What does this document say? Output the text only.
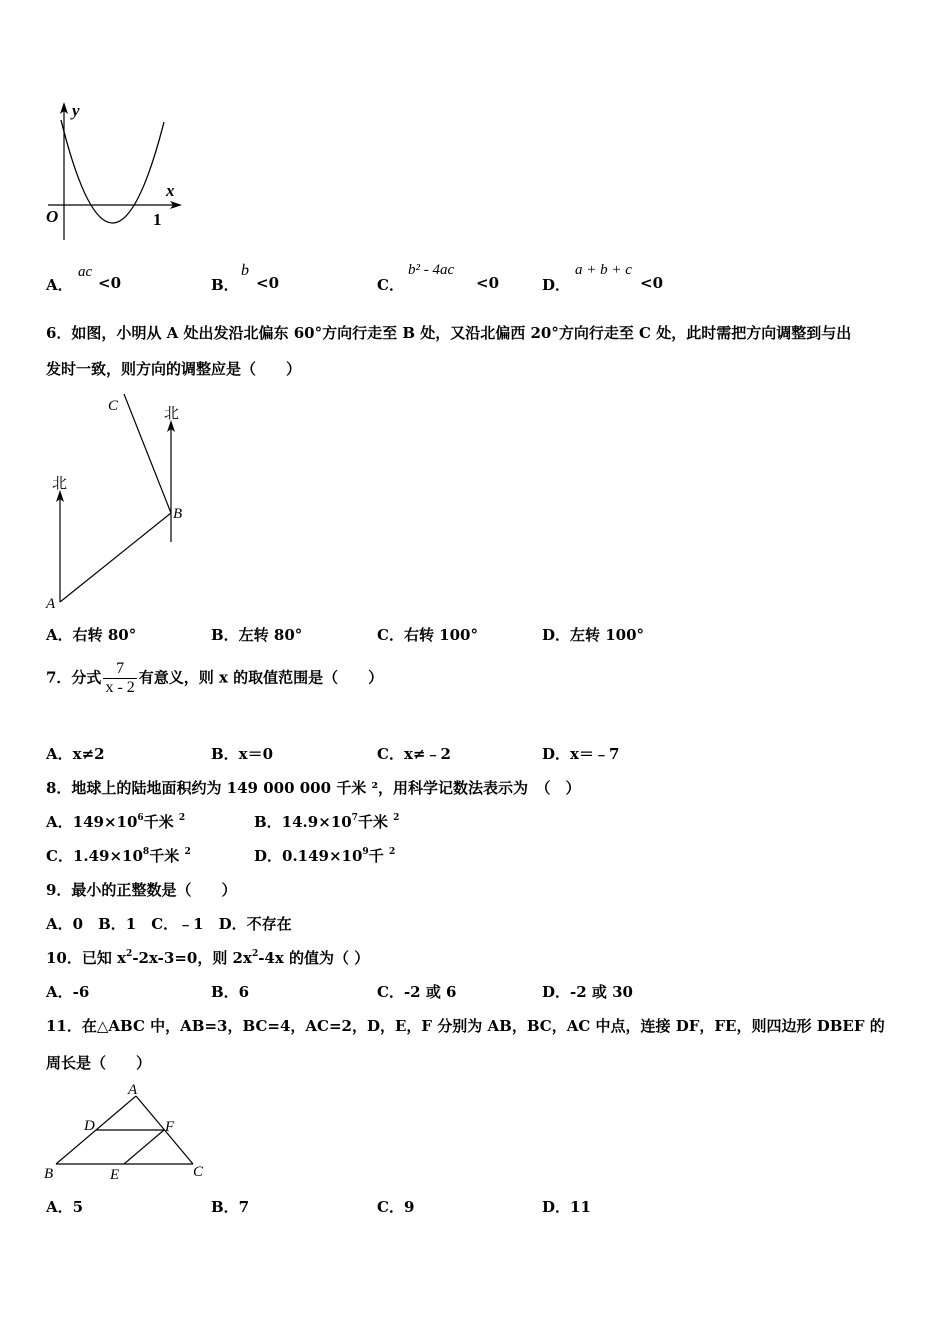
y
x
O	1
A．
ac
<0	B．
b
<0	C．
b² - 4ac
<0	D．
a + b + c
<0
6．如图，小明从 A 处出发沿北偏东 60°方向行走至 B 处，又沿北偏西 20°方向行走至 C 处，此时需把方向调整到与出
发时一致，则方向的调整应是（　　）
北
北
A
B
C
A．右转 80°	B．左转 80°	C．右转 100°	D．左转 100°
7．分式 $\frac{7}{x - 2}$ 有意义，则 x 的取值范围是（　　）
A．x≠2	B．x＝0	C．x≠﹣2	D．x＝﹣7
8．地球上的陆地面积约为 149 000 000 千米 ²，用科学记数法表示为　（　）
A．$149\times 10^6$千米 $^2$	B．$14.9\times 10^7$千米 $^2$
C．$1.49\times 10^8$千米 $^2$	D．$0.149\times 10^9$千 $^2$
9．最小的正整数是（　　）
A．0　B．1　C．﹣1　D．不存在
10．已知 $x^2-2x-3=0$，则 $2x^2-4x$ 的值为（ ）
A．-6	B．6	C．-2 或 6	D．-2 或 30
11．在△ABC 中，AB=3，BC=4，AC=2，D，E，F 分别为 AB，BC，AC 中点，连接 DF，FE，则四边形 DBEF 的
周长是（　　）
A
B	C
D
E
F
A．5	B．7	C．9	D．11
